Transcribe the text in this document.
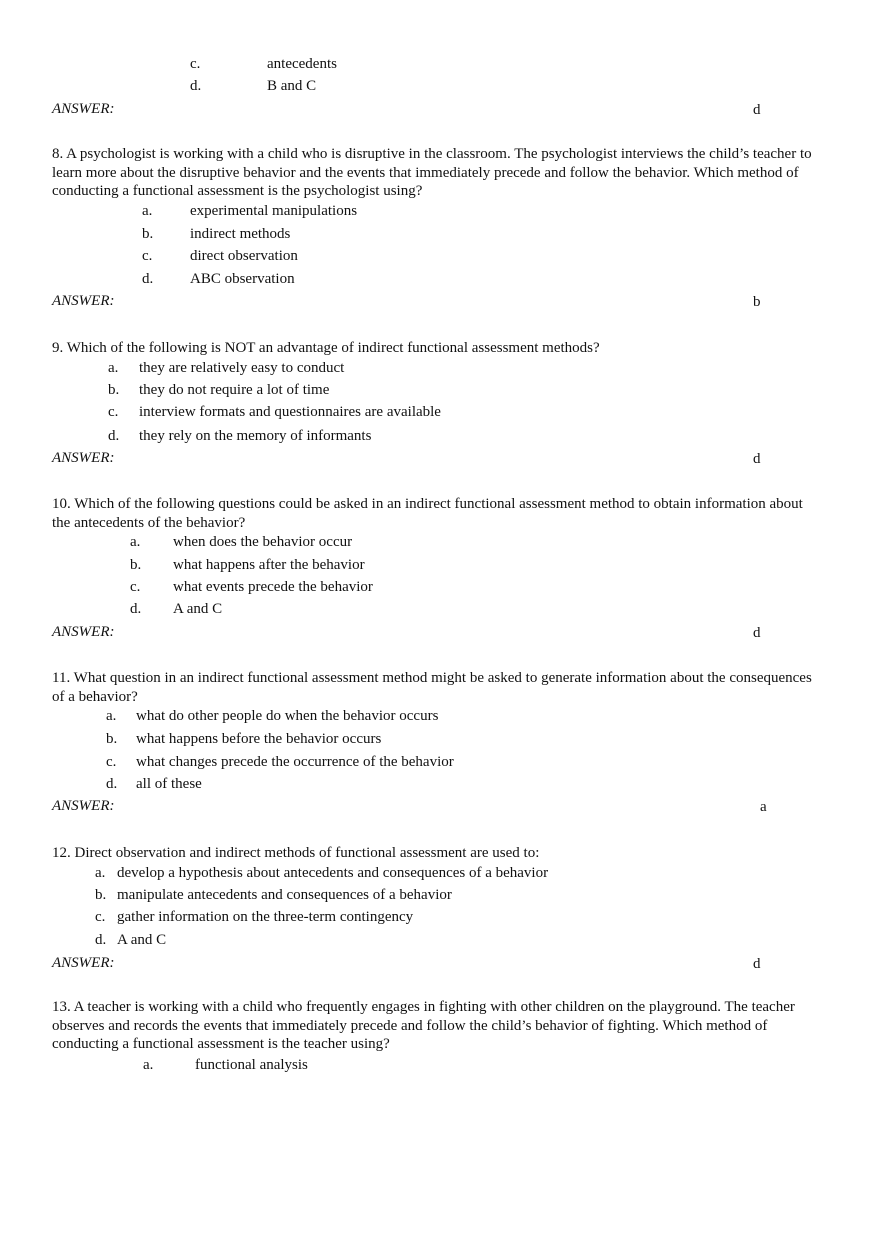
c.	antecedents
d.	B and C
ANSWER:	d
8. A psychologist is working with a child who is disruptive in the classroom. The psychologist interviews the child’s teacher to learn more about the disruptive behavior and the events that immediately precede and follow the behavior. Which method of conducting a functional assessment is the psychologist using?
a.	experimental manipulations
b. indirect methods
c.	direct observation
d. ABC observation
ANSWER:	b
9. Which of the following is NOT an advantage of indirect functional assessment methods?
a. they are relatively easy to conduct
b. they do not require a lot of time
c. interview formats and questionnaires are available
d. they rely on the memory of informants
ANSWER:	d
10. Which of the following questions could be asked in an indirect functional assessment method to obtain information about the antecedents of the behavior?
a. when does the behavior occur
b. what happens after the behavior
c. what events precede the behavior
d. A and C
ANSWER:	d
11. What question in an indirect functional assessment method might be asked to generate information about the consequences of a behavior?
a. what do other people do when the behavior occurs
b. what happens before the behavior occurs
c. what changes precede the occurrence of the behavior
d. all of these
ANSWER:	a
12. Direct observation and indirect methods of functional assessment are used to:
a. develop a hypothesis about antecedents and consequences of a behavior
b. manipulate antecedents and consequences of a behavior
c. gather information on the three-term contingency
d. A and C
ANSWER:	d
13. A teacher is working with a child who frequently engages in fighting with other children on the playground. The teacher observes and records the events that immediately precede and follow the child’s behavior of fighting. Which method of conducting a functional assessment is the teacher using?
a.	functional analysis
